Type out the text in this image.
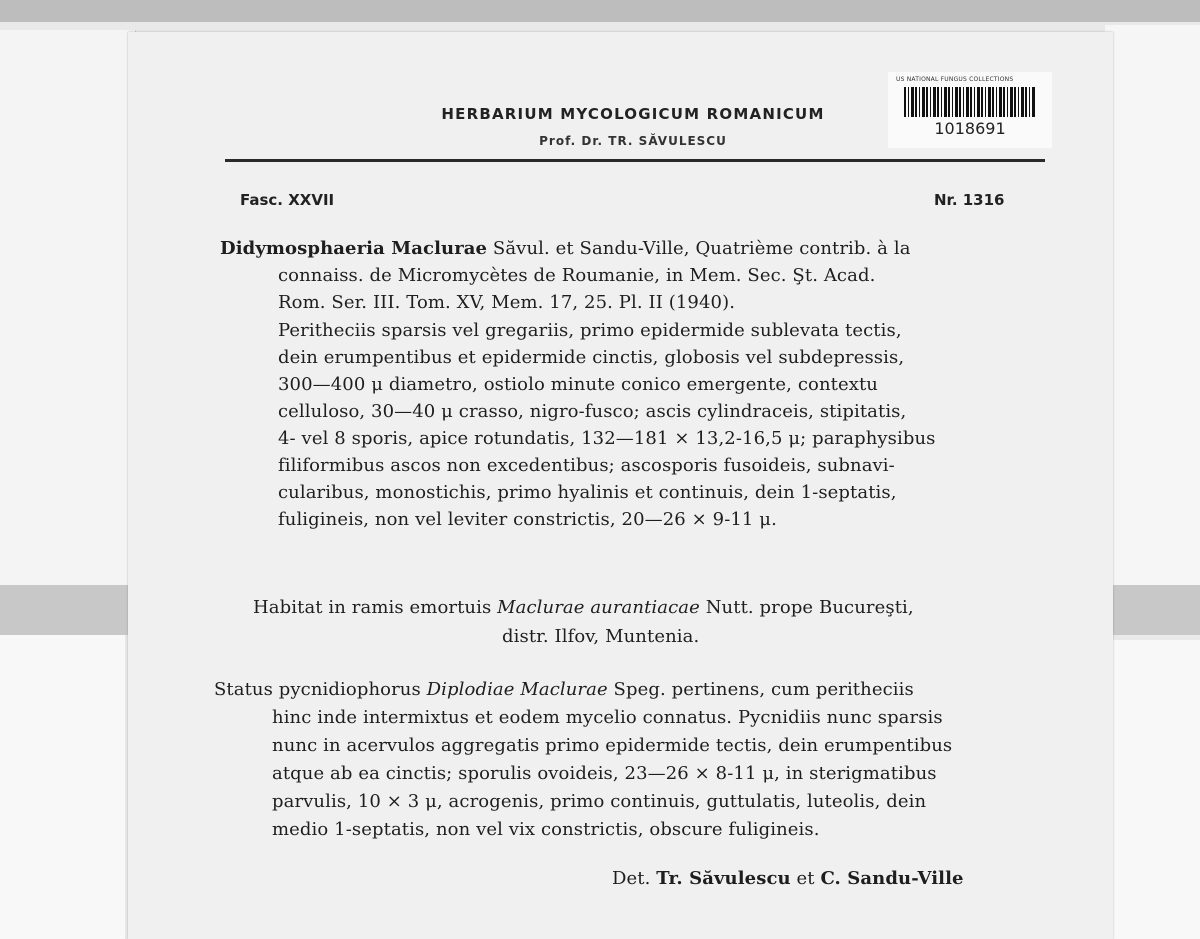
HERBARIUM MYCOLOGICUM ROMANICUM
Prof. Dr. TR. SĂVULESCU
US NATIONAL FUNGUS COLLECTIONS
1018691
Fasc. XXVII	Nr. 1316
Didymosphaeria Maclurae Săvul. et Sandu-Ville, Quatrième contrib. à la
connaiss. de Micromycètes de Roumanie, in Mem. Sec. Şt. Acad.
Rom. Ser. III. Tom. XV, Mem. 17, 25. Pl. II (1940).
Peritheciis sparsis vel gregariis, primo epidermide sublevata tectis,
dein erumpentibus et epidermide cinctis, globosis vel subdepressis,
300—400 μ diametro, ostiolo minute conico emergente, contextu
celluloso, 30—40 μ crasso, nigro-fusco; ascis cylindraceis, stipitatis,
4- vel 8 sporis, apice rotundatis, 132—181 × 13,2-16,5 μ; paraphysibus
filiformibus ascos non excedentibus; ascosporis fusoideis, subnavi-
cularibus, monostichis, primo hyalinis et continuis, dein 1-septatis,
fuligineis, non vel leviter constrictis, 20—26 × 9-11 μ.
Habitat in ramis emortuis Maclurae aurantiacae Nutt. prope Bucureşti,
distr. Ilfov, Muntenia.
Status pycnidiophorus Diplodiae Maclurae Speg. pertinens, cum peritheciis
hinc inde intermixtus et eodem mycelio connatus. Pycnidiis nunc sparsis
nunc in acervulos aggregatis primo epidermide tectis, dein erumpentibus
atque ab ea cinctis; sporulis ovoideis, 23—26 × 8-11 μ, in sterigmatibus
parvulis, 10 × 3 μ, acrogenis, primo continuis, guttulatis, luteolis, dein
medio 1-septatis, non vel vix constrictis, obscure fuligineis.
Det. Tr. Săvulescu et C. Sandu-Ville
